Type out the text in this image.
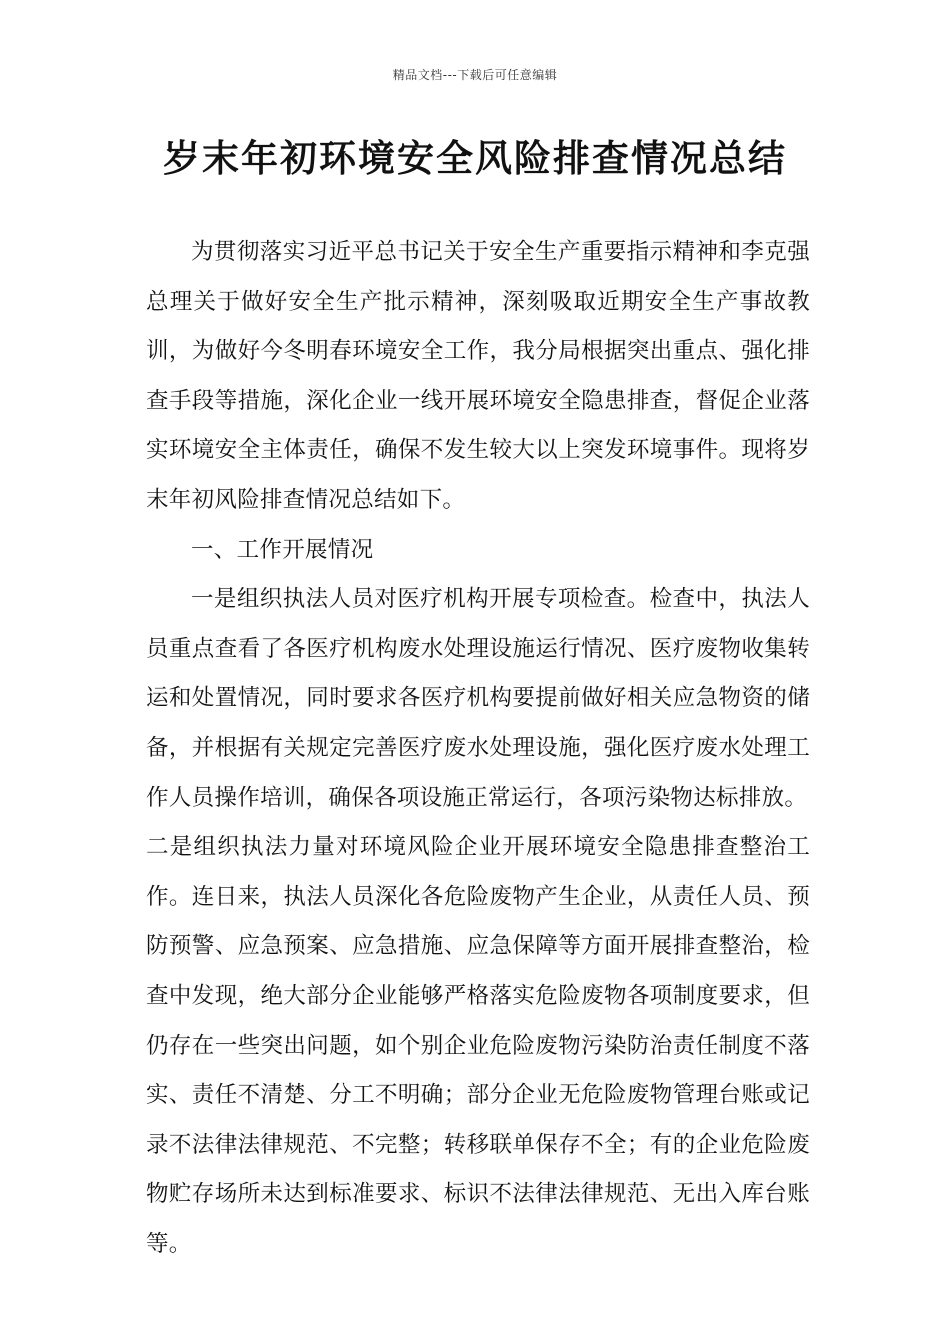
精品文档---下载后可任意编辑
岁末年初环境安全风险排查情况总结

为贯彻落实习近平总书记关于安全生产重要指示精神和李克强总理关于做好安全生产批示精神，深刻吸取近期安全生产事故教训，为做好今冬明春环境安全工作，我分局根据突出重点、强化排查手段等措施，深化企业一线开展环境安全隐患排查，督促企业落实环境安全主体责任，确保不发生较大以上突发环境事件。现将岁末年初风险排查情况总结如下。

一、工作开展情况

一是组织执法人员对医疗机构开展专项检查。检查中，执法人员重点查看了各医疗机构废水处理设施运行情况、医疗废物收集转运和处置情况，同时要求各医疗机构要提前做好相关应急物资的储备，并根据有关规定完善医疗废水处理设施，强化医疗废水处理工作人员操作培训，确保各项设施正常运行，各项污染物达标排放。

二是组织执法力量对环境风险企业开展环境安全隐患排查整治工作。连日来，执法人员深化各危险废物产生企业，从责任人员、预防预警、应急预案、应急措施、应急保障等方面开展排查整治，检查中发现，绝大部分企业能够严格落实危险废物各项制度要求，但仍存在一些突出问题，如个别企业危险废物污染防治责任制度不落实、责任不清楚、分工不明确；部分企业无危险废物管理台账或记录不法律法律规范、不完整；转移联单保存不全；有的企业危险废物贮存场所未达到标准要求、标识不法律法律规范、无出入库台账等。
